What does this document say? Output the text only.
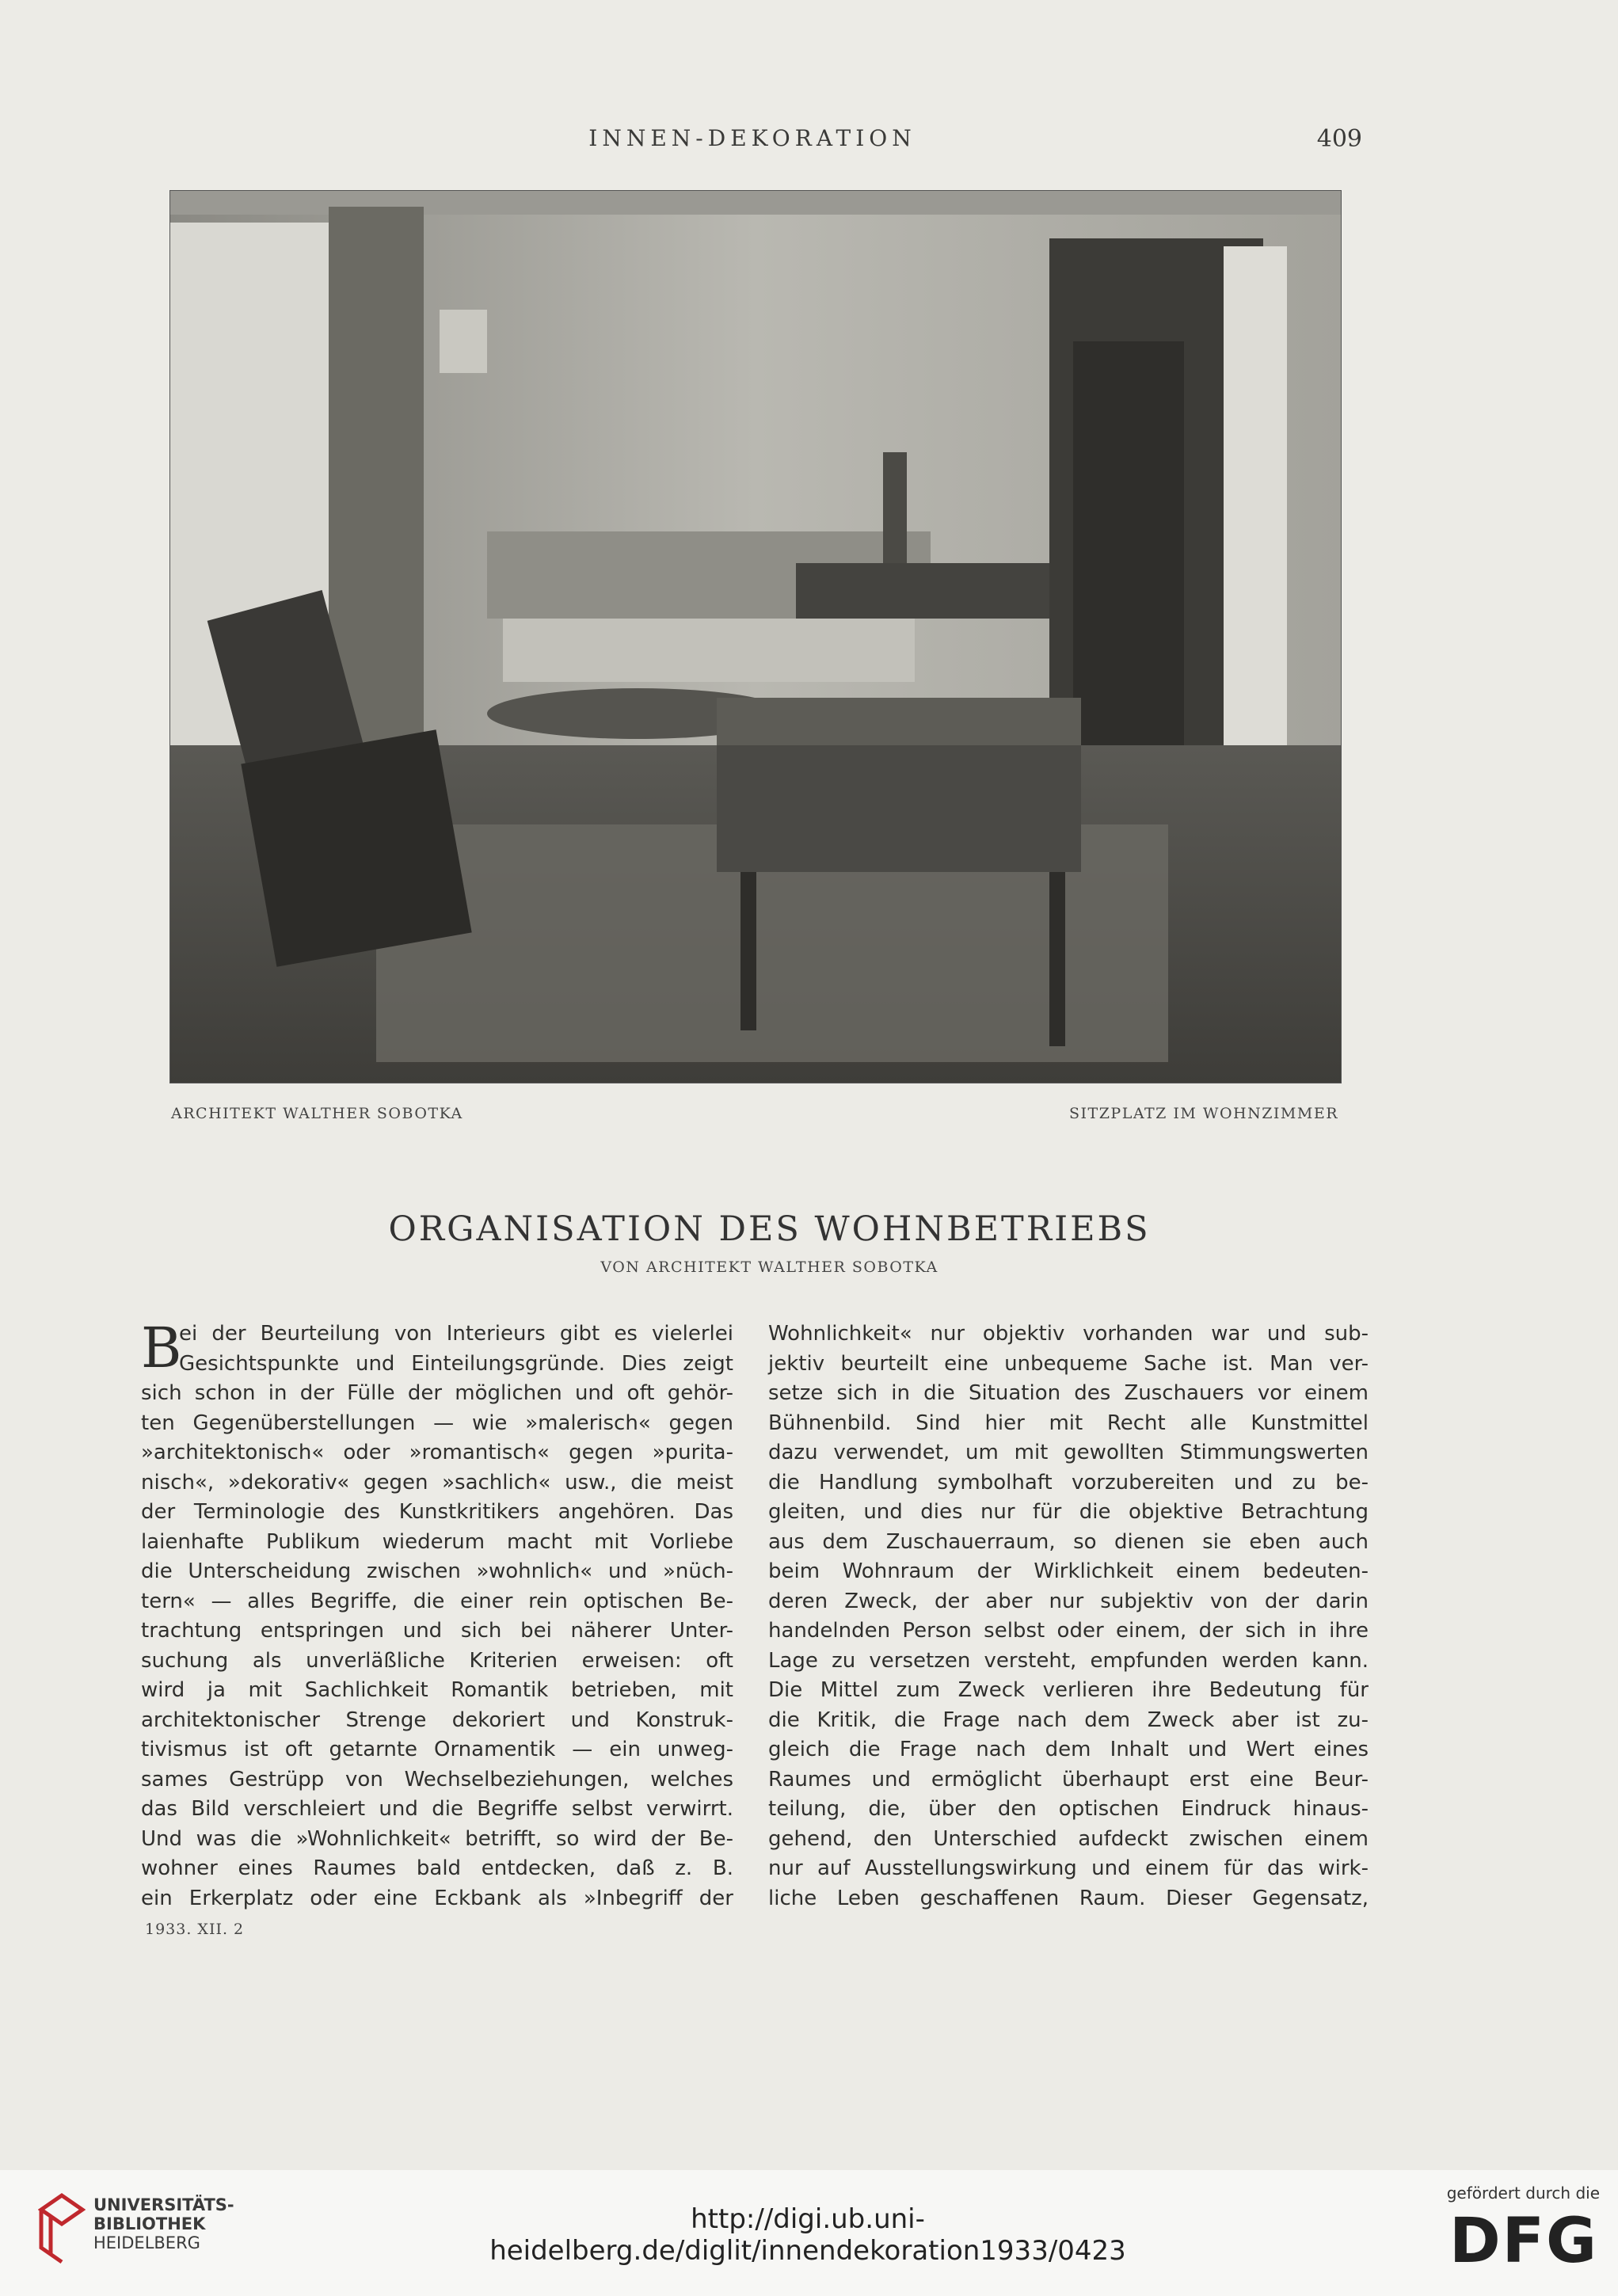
INNEN-DEKORATION	409
ARCHITEKT WALTHER SOBOTKA	SITZPLATZ IM WOHNZIMMER
ORGANISATION DES WOHNBETRIEBS
VON ARCHITEKT WALTHER SOBOTKA
B
ei der Beurteilung von Interieurs gibt es vielerlei
Gesichtspunkte und Einteilungsgründe. Dies zeigt
sich schon in der Fülle der möglichen und oft gehör-
ten Gegenüberstellungen — wie »malerisch« gegen
»architektonisch« oder »romantisch« gegen »purita-
nisch«, »dekorativ« gegen »sachlich« usw., die meist
der Terminologie des Kunstkritikers angehören. Das
laienhafte Publikum wiederum macht mit Vorliebe
die Unterscheidung zwischen »wohnlich« und »nüch-
tern« — alles Begriffe, die einer rein optischen Be-
trachtung entspringen und sich bei näherer Unter-
suchung als unverläßliche Kriterien erweisen: oft
wird ja mit Sachlichkeit Romantik betrieben, mit
architektonischer Strenge dekoriert und Konstruk-
tivismus ist oft getarnte Ornamentik — ein unweg-
sames Gestrüpp von Wechselbeziehungen, welches
das Bild verschleiert und die Begriffe selbst verwirrt.
Und was die »Wohnlichkeit« betrifft, so wird der Be-
wohner eines Raumes bald entdecken, daß z. B.
ein Erkerplatz oder eine Eckbank als »Inbegriff der
Wohnlichkeit« nur objektiv vorhanden war und sub-
jektiv beurteilt eine unbequeme Sache ist. Man ver-
setze sich in die Situation des Zuschauers vor einem
Bühnenbild. Sind hier mit Recht alle Kunstmittel
dazu verwendet, um mit gewollten Stimmungswerten
die Handlung symbolhaft vorzubereiten und zu be-
gleiten, und dies nur für die objektive Betrachtung
aus dem Zuschauerraum, so dienen sie eben auch
beim Wohnraum der Wirklichkeit einem bedeuten-
deren Zweck, der aber nur subjektiv von der darin
handelnden Person selbst oder einem, der sich in ihre
Lage zu versetzen versteht, empfunden werden kann.
Die Mittel zum Zweck verlieren ihre Bedeutung für
die Kritik, die Frage nach dem Zweck aber ist zu-
gleich die Frage nach dem Inhalt und Wert eines
Raumes und ermöglicht überhaupt erst eine Beur-
teilung, die, über den optischen Eindruck hinaus-
gehend, den Unterschied aufdeckt zwischen einem
nur auf Ausstellungswirkung und einem für das wirk-
liche Leben geschaffenen Raum. Dieser Gegensatz,
1933. XII. 2
UNIVERSITÄTS-
BIBLIOTHEK
HEIDELBERG
http://digi.ub.uni-heidelberg.de/diglit/innendekoration1933/0423
gefördert durch die
DFG
